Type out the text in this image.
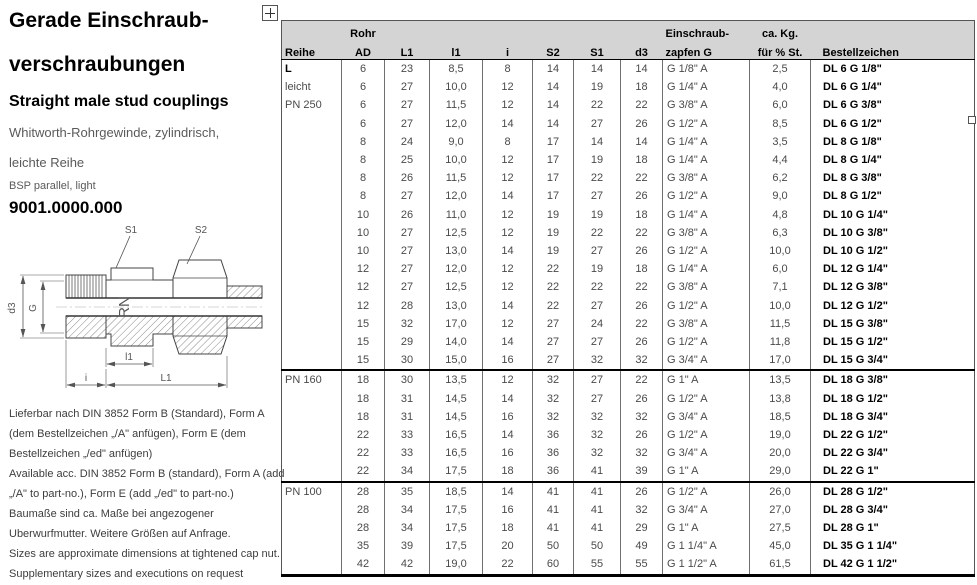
Gerade Einschraub-
verschraubungen
Straight male stud couplings
Whitworth-Rohrgewinde, zylindrisch,
leichte Reihe
BSP parallel, light
9001.0000.000
RN
S1	S2
d3 G
l1
i	L1
Lieferbar nach DIN 3852 Form B (Standard), Form A
(dem Bestellzeichen „/A" anfügen), Form E (dem
Bestellzeichen „/ed" anfügen)
Available acc. DIN 3852 Form B (standard), Form A (add
„/A" to part-no.), Form E (add „/ed" to part-no.)
Baumaße sind ca. Maße bei angezogener
Uberwurfmutter. Weitere Größen auf Anfrage.
Sizes are approximate dimensions at tightened cap nut.
Supplementary sizes and executions on request
	Rohr							Einschraub-	ca. Kg.	
Reihe	AD	L1	l1	i	S2	S1	d3	zapfen G	für % St.	Bestellzeichen
L	6	23	8,5	8	14	14	14	G 1/8" A	2,5	DL 6 G 1/8"
leicht	6	27	10,0	12	14	19	18	G 1/4" A	4,0	DL 6 G 1/4"
PN 250	6	27	11,5	12	14	22	22	G 3/8" A	6,0	DL 6 G 3/8"
	6	27	12,0	14	14	27	26	G 1/2" A	8,5	DL 6 G 1/2"
	8	24	9,0	8	17	14	14	G 1/4" A	3,5	DL 8 G 1/8"
	8	25	10,0	12	17	19	18	G 1/4" A	4,4	DL 8 G 1/4"
	8	26	11,5	12	17	22	22	G 3/8" A	6,2	DL 8 G 3/8"
	8	27	12,0	14	17	27	26	G 1/2" A	9,0	DL 8 G 1/2"
	10	26	11,0	12	19	19	18	G 1/4" A	4,8	DL 10 G 1/4"
	10	27	12,5	12	19	22	22	G 3/8" A	6,3	DL 10 G 3/8"
	10	27	13,0	14	19	27	26	G 1/2" A	10,0	DL 10 G 1/2"
	12	27	12,0	12	22	19	18	G 1/4" A	6,0	DL 12 G 1/4"
	12	27	12,5	12	22	22	22	G 3/8" A	7,1	DL 12 G 3/8"
	12	28	13,0	14	22	27	26	G 1/2" A	10,0	DL 12 G 1/2"
	15	32	17,0	12	27	24	22	G 3/8" A	11,5	DL 15 G 3/8"
	15	29	14,0	14	27	27	26	G 1/2" A	11,8	DL 15 G 1/2"
	15	30	15,0	16	27	32	32	G 3/4" A	17,0	DL 15 G 3/4"
PN 160	18	30	13,5	12	32	27	22	G 1" A	13,5	DL 18 G 3/8"
	18	31	14,5	14	32	27	26	G 1/2" A	13,8	DL 18 G 1/2"
	18	31	14,5	16	32	32	32	G 3/4" A	18,5	DL 18 G 3/4"
	22	33	16,5	14	36	32	26	G 1/2" A	19,0	DL 22 G 1/2"
	22	33	16,5	16	36	32	32	G 3/4" A	20,0	DL 22 G 3/4"
	22	34	17,5	18	36	41	39	G 1" A	29,0	DL 22 G 1"
PN 100	28	35	18,5	14	41	41	26	G 1/2" A	26,0	DL 28 G 1/2"
	28	34	17,5	16	41	41	32	G 3/4" A	27,0	DL 28 G 3/4"
	28	34	17,5	18	41	41	29	G 1" A	27,5	DL 28 G 1"
	35	39	17,5	20	50	50	49	G 1 1/4" A	45,0	DL 35 G 1 1/4"
	42	42	19,0	22	60	55	55	G 1 1/2" A	61,5	DL 42 G 1 1/2"
